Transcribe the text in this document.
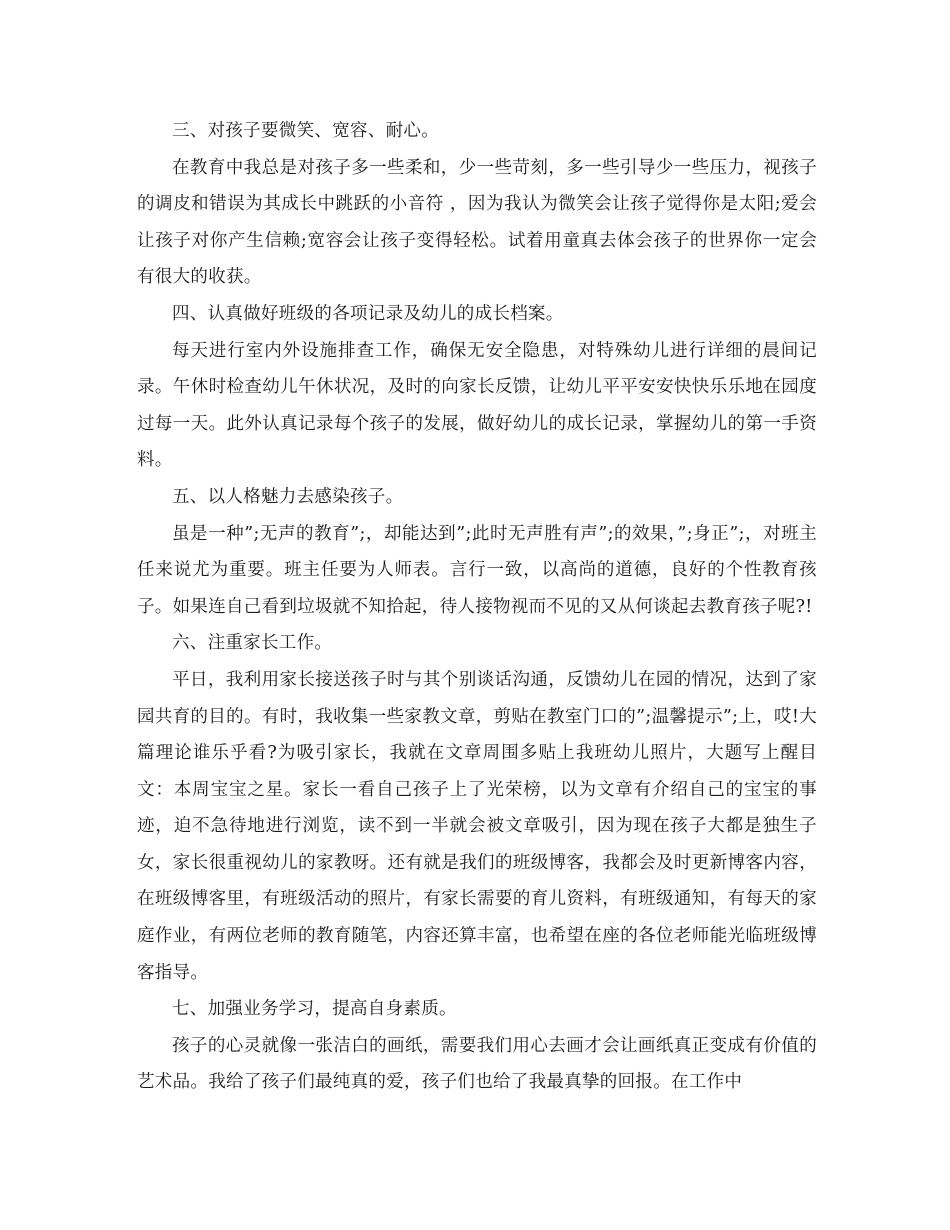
三、对孩子要微笑、宽容、耐心。

在教育中我总是对孩子多一些柔和，少一些苛刻，多一些引导少一些压力，视孩子的调皮和错误为其成长中跳跃的小音符 ，因为我认为微笑会让孩子觉得你是太阳;爱会让孩子对你产生信赖;宽容会让孩子变得轻松。试着用童真去体会孩子的世界你一定会有很大的收获。

四、认真做好班级的各项记录及幼儿的成长档案。

每天进行室内外设施排查工作，确保无安全隐患，对特殊幼儿进行详细的晨间记录。午休时检查幼儿午休状况，及时的向家长反馈，让幼儿平平安安快快乐乐地在园度过每一天。此外认真记录每个孩子的发展，做好幼儿的成长记录，掌握幼儿的第一手资料。

五、以人格魅力去感染孩子。

虽是一种”;无声的教育”;，却能达到”;此时无声胜有声”;的效果，”;身正”;，对班主任来说尤为重要。班主任要为人师表。言行一致，以高尚的道德，良好的个性教育孩子。如果连自己看到垃圾就不知拾起，待人接物视而不见的又从何谈起去教育孩子呢?!

六、注重家长工作。

平日，我利用家长接送孩子时与其个别谈话沟通，反馈幼儿在园的情况，达到了家园共育的目的。有时，我收集一些家教文章，剪贴在教室门口的”;温馨提示”;上，哎!大篇理论谁乐乎看?为吸引家长，我就在文章周围多贴上我班幼儿照片，大题写上醒目文：本周宝宝之星。家长一看自己孩子上了光荣榜，以为文章有介绍自己的宝宝的事迹，迫不急待地进行浏览，读不到一半就会被文章吸引，因为现在孩子大都是独生子女，家长很重视幼儿的家教呀。还有就是我们的班级博客，我都会及时更新博客内容，在班级博客里，有班级活动的照片，有家长需要的育儿资料，有班级通知，有每天的家庭作业，有两位老师的教育随笔，内容还算丰富，也希望在座的各位老师能光临班级博客指导。

七、加强业务学习，提高自身素质。

孩子的心灵就像一张洁白的画纸，需要我们用心去画才会让画纸真正变成有价值的艺术品。我给了孩子们最纯真的爱，孩子们也给了我最真挚的回报。在工作中
